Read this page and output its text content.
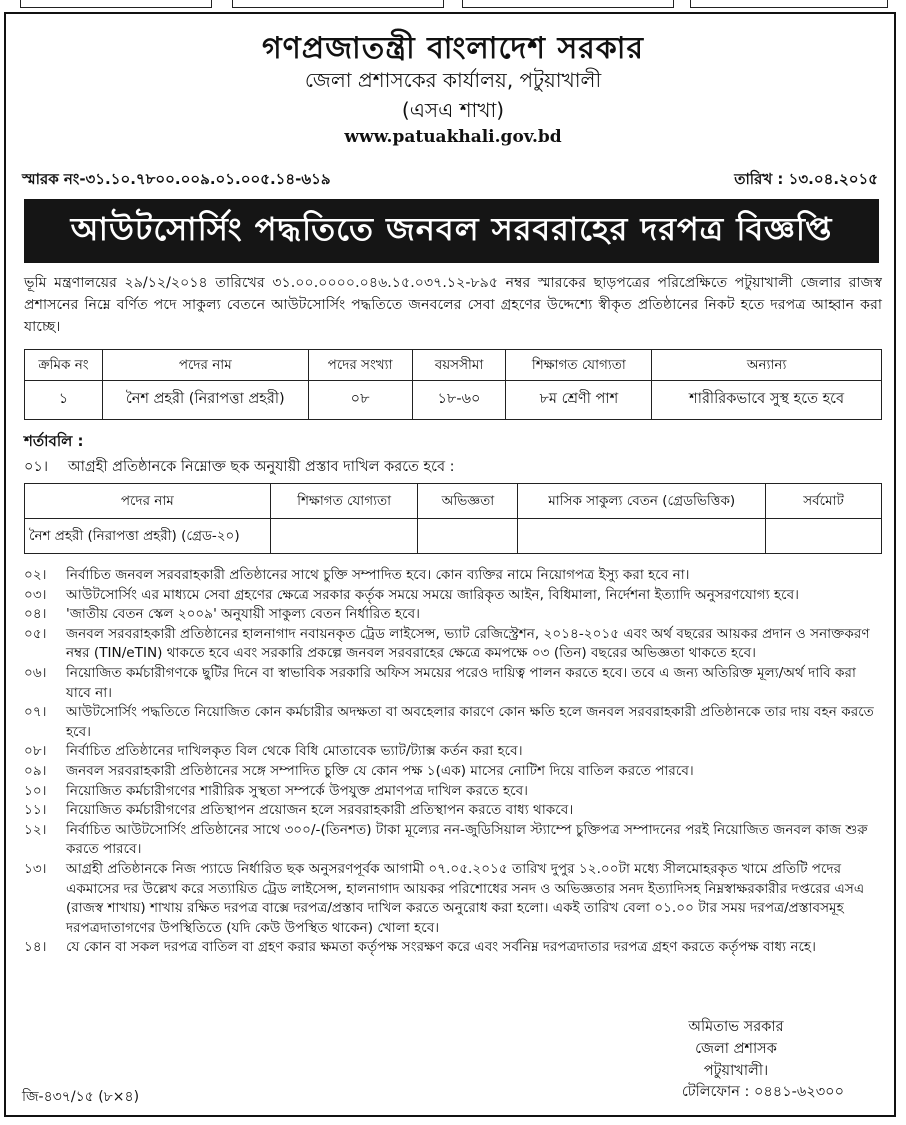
গণপ্রজাতন্ত্রী বাংলাদেশ সরকার
জেলা প্রশাসকের কার্যালয়, পটুয়াখালী
(এসএ শাখা)
www.patuakhali.gov.bd
স্মারক নং-৩১.১০.৭৮০০.০০৯.০১.০০৫.১৪-৬১৯	তারিখ : ১৩.০৪.২০১৫
আউটসোর্সিং পদ্ধতিতে জনবল সরবরাহের দরপত্র বিজ্ঞপ্তি
ভূমি মন্ত্রণালয়ের ২৯/১২/২০১৪ তারিখের ৩১.০০.০০০০.০৪৬.১৫.০৩৭.১২-৮৯৫ নম্বর স্মারকের ছাড়পত্রের পরিপ্রেক্ষিতে পটুয়াখালী জেলার রাজস্ব প্রশাসনের নিম্নে বর্ণিত পদে সাকুল্য বেতনে আউটসোর্সিং পদ্ধতিতে জনবলের সেবা গ্রহণের উদ্দেশ্যে স্বীকৃত প্রতিষ্ঠানের নিকট হতে দরপত্র আহ্বান করা যাচ্ছে।
ক্রমিক নং	পদের নাম	পদের সংখ্যা	বয়সসীমা	শিক্ষাগত যোগ্যতা	অন্যান্য
১	নৈশ প্রহরী (নিরাপত্তা প্রহরী)	০৮	১৮-৬০	৮ম শ্রেণী পাশ	শারীরিকভাবে সুস্থ হতে হবে
শর্তাবলি :
০১। আগ্রহী প্রতিষ্ঠানকে নিম্নোক্ত ছক অনুযায়ী প্রস্তাব দাখিল করতে হবে :
পদের নাম	শিক্ষাগত যোগ্যতা	অভিজ্ঞতা	মাসিক সাকুল্য বেতন (গ্রেডভিত্তিক)	সর্বমোট
নৈশ প্রহরী (নিরাপত্তা প্রহরী) (গ্রেড-২০)				
০২।	নির্বাচিত জনবল সরবরাহকারী প্রতিষ্ঠানের সাথে চুক্তি সম্পাদিত হবে। কোন ব্যক্তির নামে নিয়োগপত্র ইস্যু করা হবে না।
০৩।	আউটসোর্সিং এর মাধ্যমে সেবা গ্রহণের ক্ষেত্রে সরকার কর্তৃক সময়ে সময়ে জারিকৃত আইন, বিধিমালা, নির্দেশনা ইত্যাদি অনুসরণযোগ্য হবে।
০৪।	'জাতীয় বেতন স্কেল ২০০৯' অনুযায়ী সাকুল্য বেতন নির্ধারিত হবে।
০৫।	জনবল সরবরাহকারী প্রতিষ্ঠানের হালনাগাদ নবায়নকৃত ট্রেড লাইসেন্স, ভ্যাট রেজিস্ট্রেশন, ২০১৪-২০১৫ এবং অর্থ বছরের আয়কর প্রদান ও সনাক্তকরণ নম্বর (TIN/eTIN) থাকতে হবে এবং সরকারি প্রকল্পে জনবল সরবরাহের ক্ষেত্রে কমপক্ষে ০৩ (তিন) বছরের অভিজ্ঞতা থাকতে হবে।
০৬।	নিয়োজিত কর্মচারীগণকে ছুটির দিনে বা স্বাভাবিক সরকারি অফিস সময়ের পরেও দায়িত্ব পালন করতে হবে। তবে এ জন্য অতিরিক্ত মূল্য/অর্থ দাবি করা যাবে না।
০৭।	আউটসোর্সিং পদ্ধতিতে নিয়োজিত কোন কর্মচারীর অদক্ষতা বা অবহেলার কারণে কোন ক্ষতি হলে জনবল সরবরাহকারী প্রতিষ্ঠানকে তার দায় বহন করতে হবে।
০৮।	নির্বাচিত প্রতিষ্ঠানের দাখিলকৃত বিল থেকে বিধি মোতাবেক ভ্যাট/ট্যাক্স কর্তন করা হবে।
০৯।	জনবল সরবরাহকারী প্রতিষ্ঠানের সঙ্গে সম্পাদিত চুক্তি যে কোন পক্ষ ১(এক) মাসের নোটিশ দিয়ে বাতিল করতে পারবে।
১০।	নিয়োজিত কর্মচারীগণের শারীরিক সুস্থতা সম্পর্কে উপযুক্ত প্রমাণপত্র দাখিল করতে হবে।
১১।	নিয়োজিত কর্মচারীগণের প্রতিস্থাপন প্রয়োজন হলে সরবরাহকারী প্রতিস্থাপন করতে বাধ্য থাকবে।
১২।	নির্বাচিত আউটসোর্সিং প্রতিষ্ঠানের সাথে ৩০০/-(তিনশত) টাকা মূল্যের নন-জুডিসিয়াল স্ট্যাম্পে চুক্তিপত্র সম্পাদনের পরই নিয়োজিত জনবল কাজ শুরু করতে পারবে।
১৩।	আগ্রহী প্রতিষ্ঠানকে নিজ প্যাডে নির্ধারিত ছক অনুসরণপূর্বক আগামী ০৭.০৫.২০১৫ তারিখ দুপুর ১২.০০টা মধ্যে সীলমোহরকৃত খামে প্রতিটি পদের একমাসের দর উল্লেখ করে সত্যায়িত ট্রেড লাইসেন্স, হালনাগাদ আয়কর পরিশোধের সনদ ও অভিজ্ঞতার সনদ ইত্যাদিসহ নিম্নস্বাক্ষরকারীর দপ্তরের এসএ (রাজস্ব শাখায়) শাখায় রক্ষিত দরপত্র বাক্সে দরপত্র/প্রস্তাব দাখিল করতে অনুরোধ করা হলো। একই তারিখ বেলা ০১.০০ টার সময় দরপত্র/প্রস্তাবসমূহ দরপত্রদাতাগণের উপস্থিতিতে (যদি কেউ উপস্থিত থাকেন) খোলা হবে।
১৪।	যে কোন বা সকল দরপত্র বাতিল বা গ্রহণ করার ক্ষমতা কর্তৃপক্ষ সংরক্ষণ করে এবং সর্বনিম্ন দরপত্রদাতার দরপত্র গ্রহণ করতে কর্তৃপক্ষ বাধ্য নহে।
অমিতাভ সরকার
জেলা প্রশাসক
পটুয়াখালী।
টেলিফোন : ০৪৪১-৬২৩০০
জি-৪৩৭/১৫ (৮×৪)
